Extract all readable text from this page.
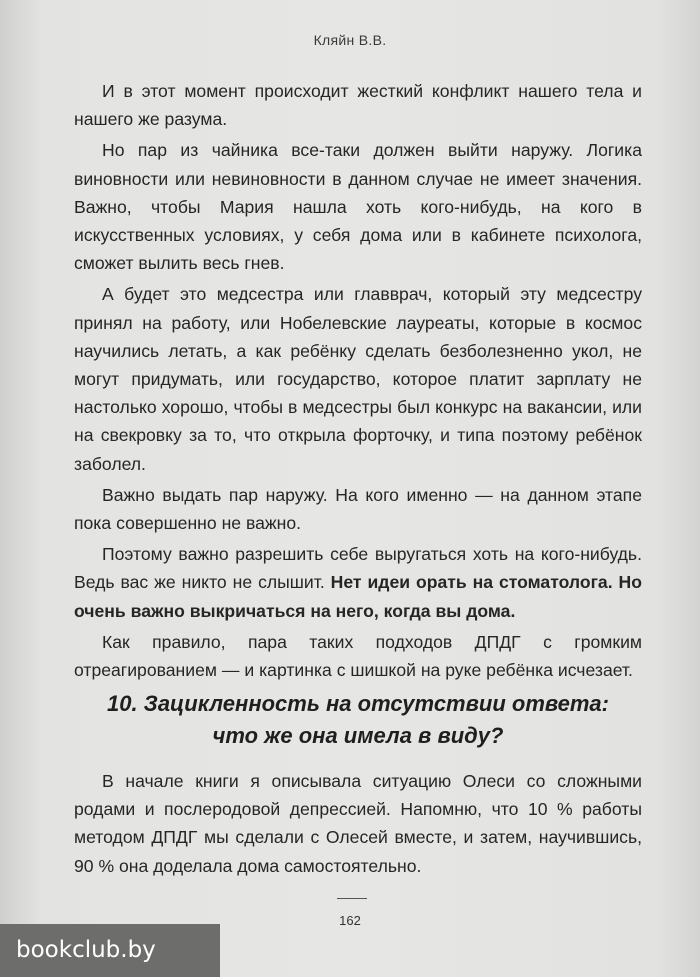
Кляйн В.В.

И в этот момент происходит жесткий конфликт нашего тела и нашего же разума.

Но пар из чайника все-таки должен выйти наружу. Логика виновности или невиновности в данном случае не имеет значения. Важно, чтобы Мария нашла хоть кого-нибудь, на кого в искусственных условиях, у себя дома или в кабинете психолога, сможет вылить весь гнев.

А будет это медсестра или главврач, который эту медсестру принял на работу, или Нобелевские лауреаты, которые в космос научились летать, а как ребёнку сделать безболезненно укол, не могут придумать, или государство, которое платит зарплату не настолько хорошо, чтобы в медсестры был конкурс на вакансии, или на свекровку за то, что открыла форточку, и типа поэтому ребёнок заболел.

Важно выдать пар наружу. На кого именно — на данном этапе пока совершенно не важно.

Поэтому важно разрешить себе выругаться хоть на кого-нибудь. Ведь вас же никто не слышит. Нет идеи орать на стоматолога. Но очень важно выкричаться на него, когда вы дома.

Как правило, пара таких подходов ДПДГ с громким отреагированием — и картинка с шишкой на руке ребёнка исчезает.

10. Зацикленность на отсутствии ответа:
что же она имела в виду?

В начале книги я описывала ситуацию Олеси со сложными родами и послеродовой депрессией. Напомню, что 10 % работы методом ДПДГ мы сделали с Олесей вместе, и затем, научившись, 90 % она доделала дома самостоятельно.

162
bookclub.by
